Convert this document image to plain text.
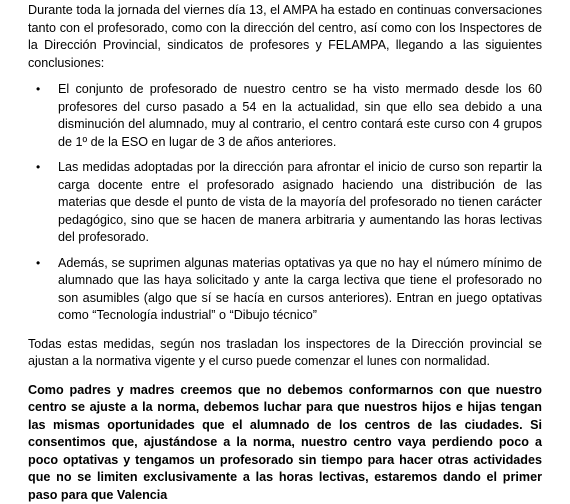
Durante toda la jornada del viernes día 13, el AMPA ha estado en continuas conversaciones tanto con el profesorado, como con la dirección del centro, así como con los Inspectores de la Dirección Provincial, sindicatos de profesores y FELAMPA, llegando a las siguientes conclusiones:

• El conjunto de profesorado de nuestro centro se ha visto mermado desde los 60 profesores del curso pasado a 54 en la actualidad, sin que ello sea debido a una disminución del alumnado, muy al contrario, el centro contará este curso con 4 grupos de 1º de la ESO en lugar de 3 de años anteriores.
• Las medidas adoptadas por la dirección para afrontar el inicio de curso son repartir la carga docente entre el profesorado asignado haciendo una distribución de las materias que desde el punto de vista de la mayoría del profesorado no tienen carácter pedagógico, sino que se hacen de manera arbitraria y aumentando las horas lectivas del profesorado.
• Además, se suprimen algunas materias optativas ya que no hay el número mínimo de alumnado que las haya solicitado y ante la carga lectiva que tiene el profesorado no son asumibles (algo que sí se hacía en cursos anteriores). Entran en juego optativas como “Tecnología industrial” o “Dibujo técnico”

Todas estas medidas, según nos trasladan los inspectores de la Dirección provincial se ajustan a la normativa vigente y el curso puede comenzar el lunes con normalidad.

Como padres y madres creemos que no debemos conformarnos con que nuestro centro se ajuste a la norma, debemos luchar para que nuestros hijos e hijas tengan las mismas oportunidades que el alumnado de los centros de las ciudades. Si consentimos que, ajustándose a la norma, nuestro centro vaya perdiendo poco a poco optativas y tengamos un profesorado sin tiempo para hacer otras actividades que no se limiten exclusivamente a las horas lectivas, estaremos dando el primer paso para que Valencia
